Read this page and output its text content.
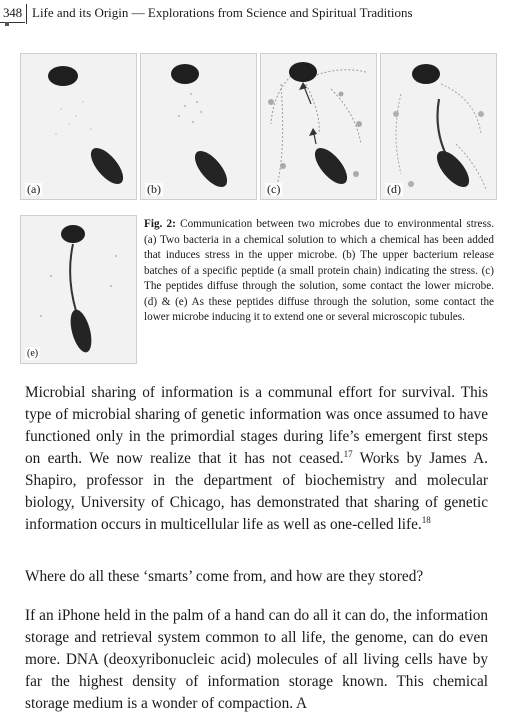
348 Life and its Origin — Explorations from Science and Spiritual Traditions
(a)	(b)	(c)	(d)
(e)
Fig. 2: Communication between two microbes due to environmental stress. (a) Two bacteria in a chemical solution to which a chemical has been added that induces stress in the upper microbe. (b) The upper bacterium release batches of a specific peptide (a small protein chain) indicating the stress. (c) The peptides diffuse through the solution, some contact the lower microbe. (d) & (e) As these peptides diffuse through the solution, some contact the lower microbe inducing it to extend one or several microscopic tubules.
Microbial sharing of information is a communal effort for survival. This type of microbial sharing of genetic information was once assumed to have functioned only in the primordial stages during life’s emergent first steps on earth. We now realize that it has not ceased.$^{17}$ Works by James A. Shapiro, professor in the department of biochemistry and molecular biology, University of Chicago, has demonstrated that sharing of genetic information occurs in multicellular life as well as one-celled life.$^{18}$
Where do all these ‘smarts’ come from, and how are they stored?
If an iPhone held in the palm of a hand can do all it can do, the information storage and retrieval system common to all life, the genome, can do even more. DNA (deoxyribonucleic acid) molecules of all living cells have by far the highest density of information storage known. This chemical storage medium is a wonder of compaction. A
